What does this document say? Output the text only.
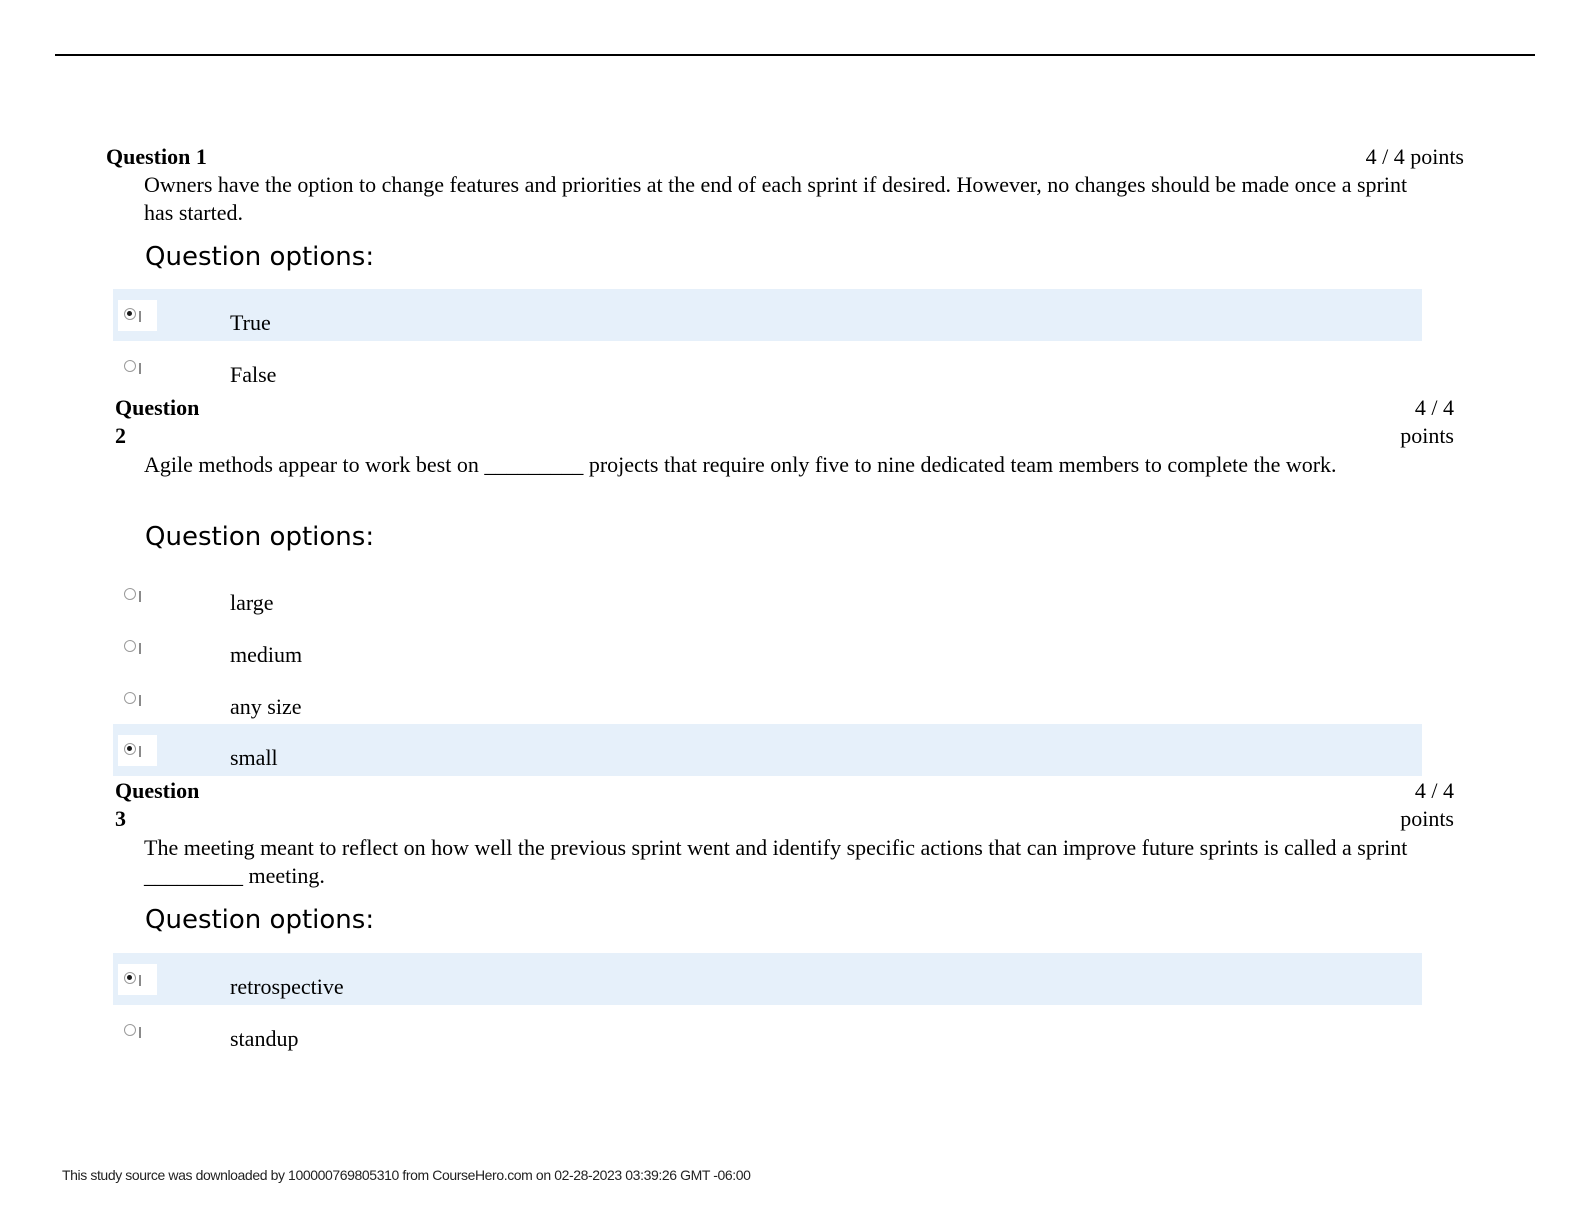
Question 1	4 / 4 points
Owners have the option to change features and priorities at the end of each sprint if desired. However, no changes should be made once a sprint has started.
Question options:
True
False
Question
2
4 / 4
points
Agile methods appear to work best on _________ projects that require only five to nine dedicated team members to complete the work.
Question options:
large
medium
any size
small
Question
3
4 / 4
points
The meeting meant to reflect on how well the previous sprint went and identify specific actions that can improve future sprints is called a sprint _________ meeting.
Question options:
retrospective
standup
This study source was downloaded by 100000769805310 from CourseHero.com on 02-28-2023 03:39:26 GMT -06:00
